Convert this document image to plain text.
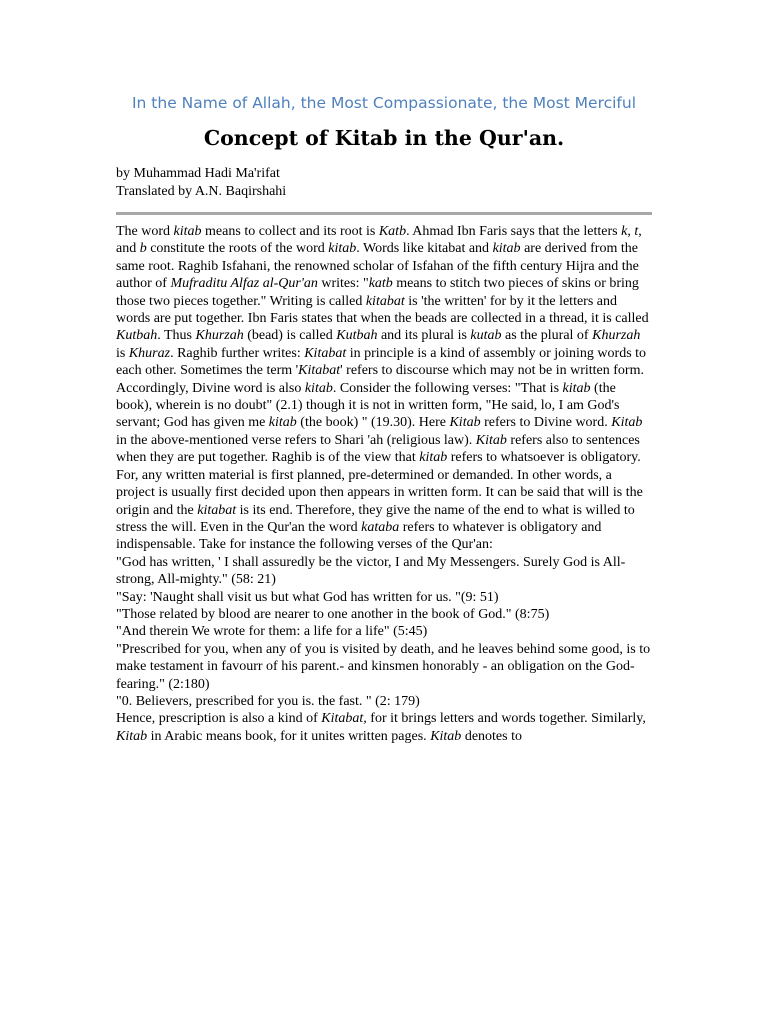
In the Name of Allah, the Most Compassionate, the Most Merciful
Concept of Kitab in the Qur'an.
by Muhammad Hadi Ma'rifat
Translated by A.N. Baqirshahi

The word kitab means to collect and its root is Katb. Ahmad Ibn Faris says that the letters k, t, and b constitute the roots of the word kitab. Words like kitabat and kitab are derived from the same root. Raghib Isfahani, the renowned scholar of Isfahan of the fifth century Hijra and the author of Mufraditu Alfaz al-Qur'an writes: "katb means to stitch two pieces of skins or bring those two pieces together." Writing is called kitabat is 'the written' for by it the letters and words are put together. Ibn Faris states that when the beads are collected in a thread, it is called Kutbah. Thus Khurzah (bead) is called Kutbah and its plural is kutab as the plural of Khurzah is Khuraz. Raghib further writes: Kitabat in principle is a kind of assembly or joining words to each other. Sometimes the term 'Kitabat' refers to discourse which may not be in written form. Accordingly, Divine word is also kitab. Consider the following verses: "That is kitab (the book), wherein is no doubt" (2.1) though it is not in written form, "He said, lo, I am God's servant; God has given me kitab (the book) " (19.30). Here Kitab refers to Divine word. Kitab in the above-mentioned verse refers to Shari 'ah (religious law). Kitab refers also to sentences when they are put together. Raghib is of the view that kitab refers to whatsoever is obligatory. For, any written material is first planned, pre-determined or demanded. In other words, a project is usually first decided upon then appears in written form. It can be said that will is the origin and the kitabat is its end. Therefore, they give the name of the end to what is willed to stress the will. Even in the Qur'an the word kataba refers to whatever is obligatory and indispensable. Take for instance the following verses of the Qur'an:

"God has written, ' I shall assuredly be the victor, I and My Messengers. Surely God is All-strong, All-mighty." (58: 21)

"Say: 'Naught shall visit us but what God has written for us. "(9: 51)

"Those related by blood are nearer to one another in the book of God." (8:75)

"And therein We wrote for them: a life for a life" (5:45)

"Prescribed for you, when any of you is visited by death, and he leaves behind some good, is to make testament in favourr of his parent.- and kinsmen honorably - an obligation on the God-fearing." (2:180)

"0. Believers, prescribed for you is. the fast. " (2: 179)

Hence, prescription is also a kind of Kitabat, for it brings letters and words together. Similarly, Kitab in Arabic means book, for it unites written pages. Kitab denotes to
